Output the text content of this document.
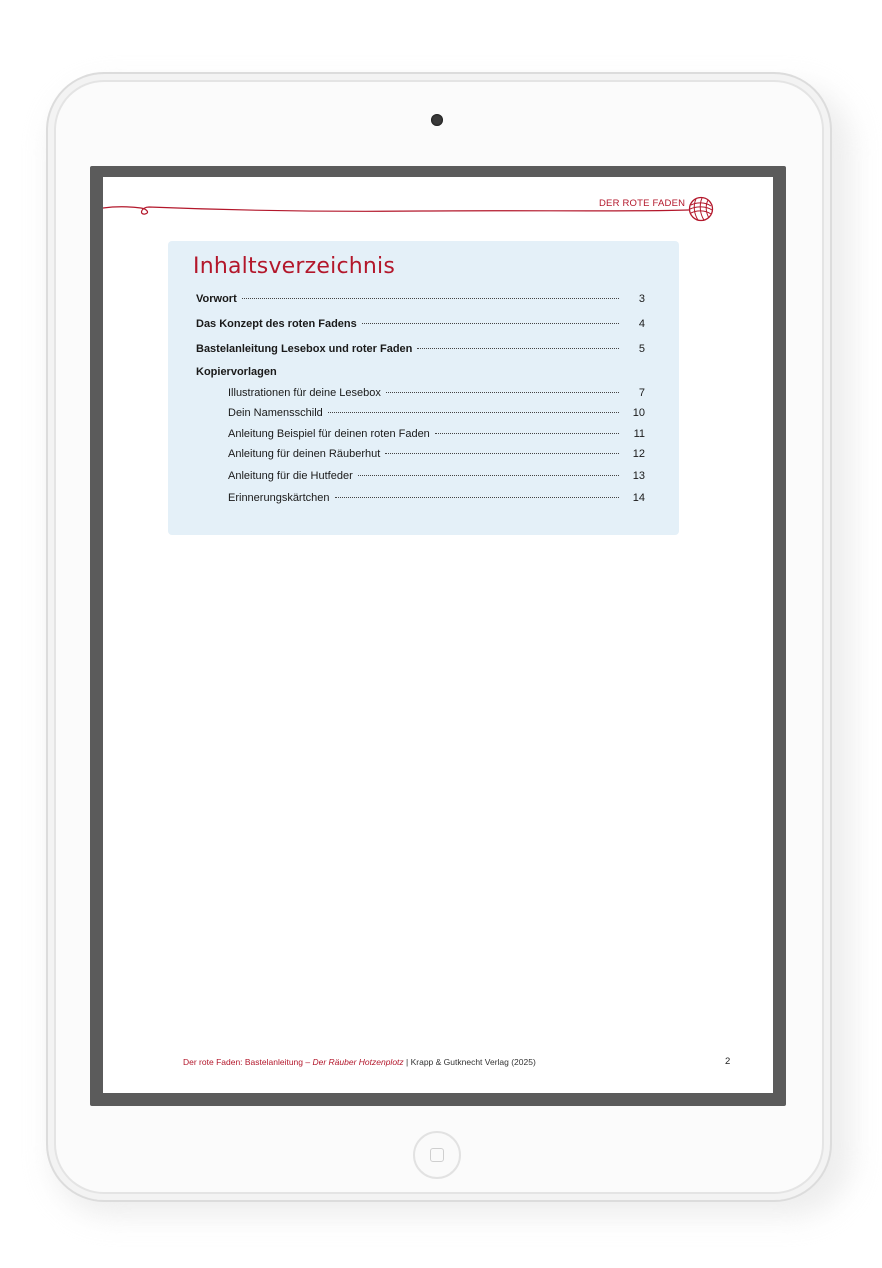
DER ROTE FADEN
Inhaltsverzeichnis
Vorwort	3
Das Konzept des roten Fadens	4
Bastelanleitung Lesebox und roter Faden	5
Kopiervorlagen
Illustrationen für deine Lesebox	7
Dein Namensschild	10
Anleitung Beispiel für deinen roten Faden	11
Anleitung für deinen Räuberhut	12
Anleitung für die Hutfeder	13
Erinnerungskärtchen	14
Der rote Faden: Bastelanleitung – Der Räuber Hotzenplotz | Krapp & Gutknecht Verlag (2025)	2
